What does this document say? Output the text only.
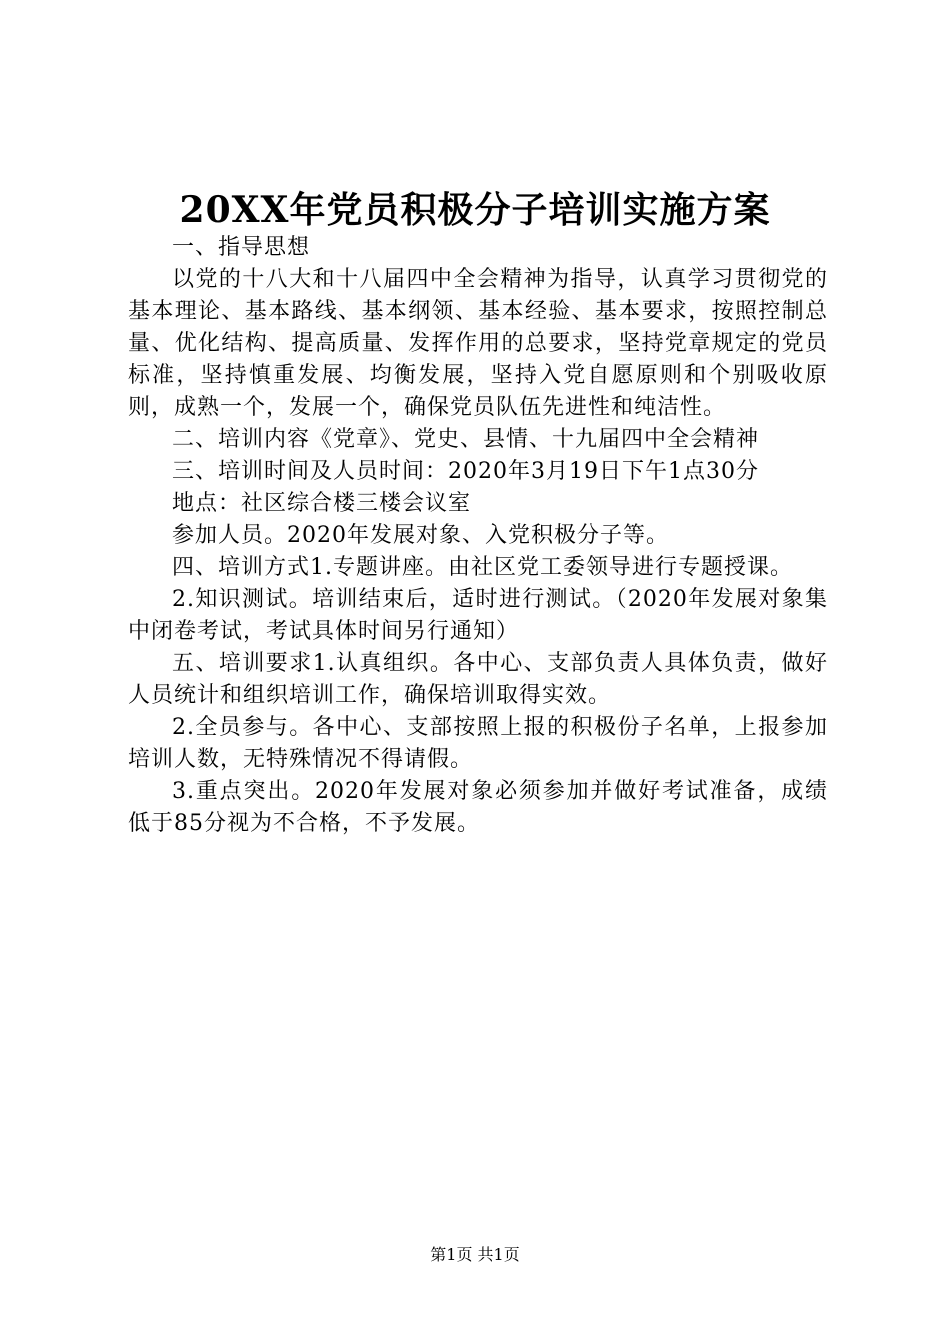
20XX年党员积极分子培训实施方案

一、指导思想

以党的十八大和十八届四中全会精神为指导，认真学习贯彻党的基本理论、基本路线、基本纲领、基本经验、基本要求，按照控制总量、优化结构、提高质量、发挥作用的总要求，坚持党章规定的党员标准，坚持慎重发展、均衡发展，坚持入党自愿原则和个别吸收原则，成熟一个，发展一个，确保党员队伍先进性和纯洁性。

二、培训内容《党章》、党史、县情、十九届四中全会精神

三、培训时间及人员时间：2020年3月19日下午1点30分

地点：社区综合楼三楼会议室

参加人员。2020年发展对象、入党积极分子等。

四、培训方式1.专题讲座。由社区党工委领导进行专题授课。

2.知识测试。培训结束后，适时进行测试。（2020年发展对象集中闭卷考试，考试具体时间另行通知）

五、培训要求1.认真组织。各中心、支部负责人具体负责，做好人员统计和组织培训工作，确保培训取得实效。

2.全员参与。各中心、支部按照上报的积极份子名单，上报参加培训人数，无特殊情况不得请假。

3.重点突出。2020年发展对象必须参加并做好考试准备，成绩低于85分视为不合格，不予发展。

第1页 共1页
